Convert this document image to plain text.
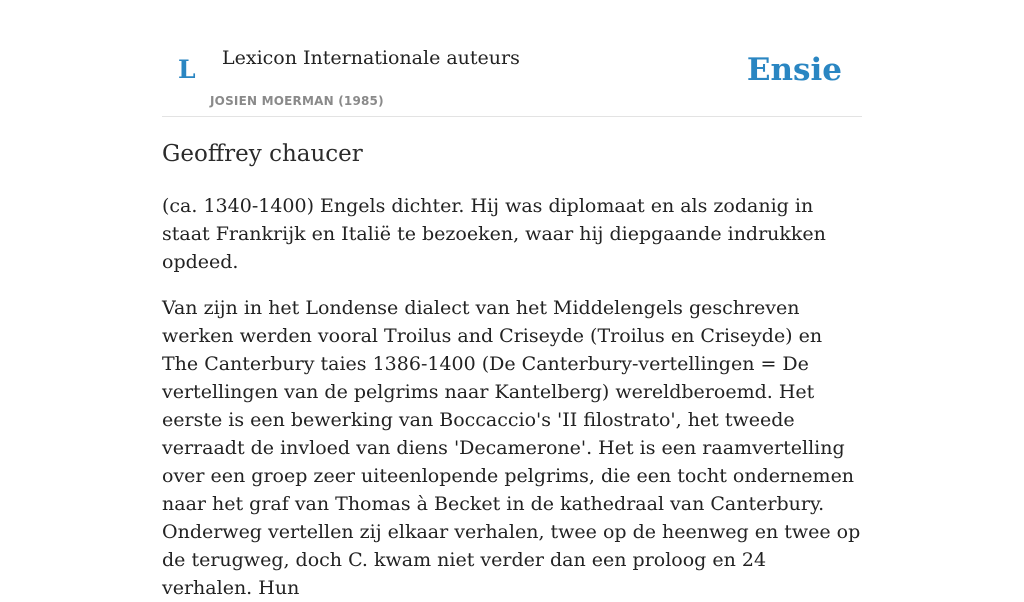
L Lexicon Internationale auteurs
JOSIEN MOERMAN (1985)
Ensie
Geoffrey chaucer

(ca. 1340-1400) Engels dichter. Hij was diplomaat en als zodanig in staat Frankrijk en Italië te bezoeken, waar hij diepgaande indrukken opdeed.

Van zijn in het Londense dialect van het Middelengels geschreven werken werden vooral Troilus and Criseyde (Troilus en Criseyde) en The Canterbury taies 1386-1400 (De Canterbury-vertellingen = De vertellingen van de pelgrims naar Kantelberg) wereldberoemd. Het eerste is een bewerking van Boccaccio's 'II filostrato', het tweede verraadt de invloed van diens 'Decamerone'. Het is een raamvertelling over een groep zeer uiteenlopende pelgrims, die een tocht ondernemen naar het graf van Thomas à Becket in de kathedraal van Canterbury. Onderweg vertellen zij elkaar verhalen, twee op de heenweg en twee op de terugweg, doch C. kwam niet verder dan een proloog en 24 verhalen. Hun
